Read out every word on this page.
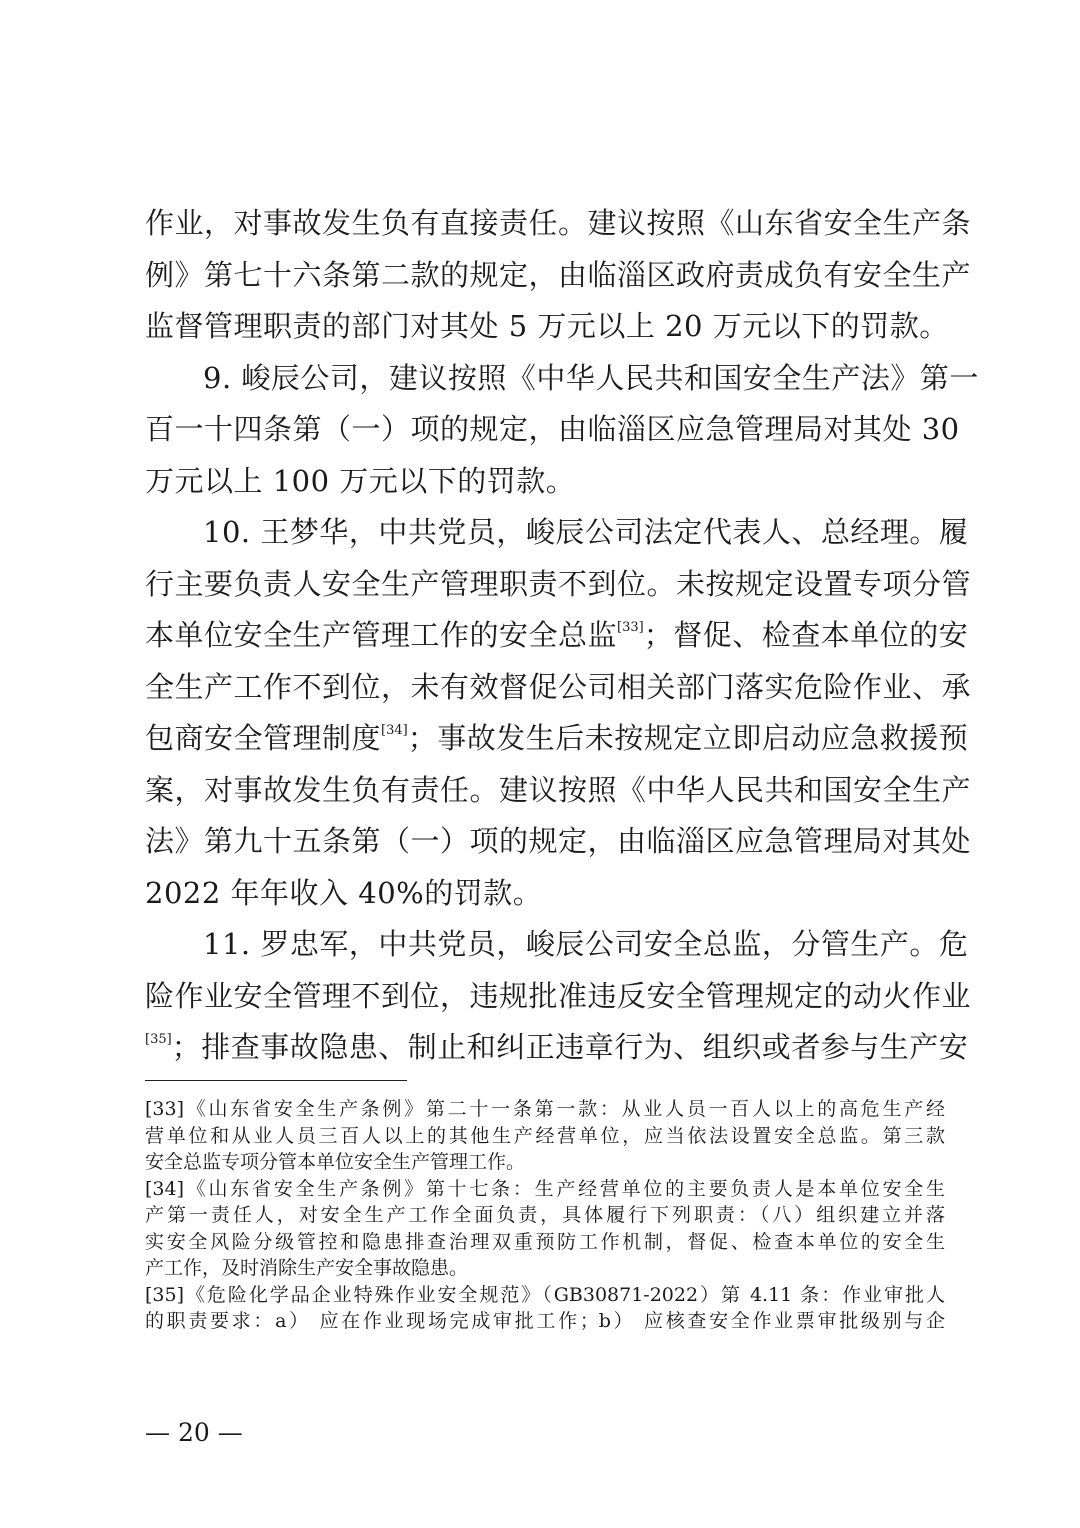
作业，对事故发生负有直接责任。建议按照《山东省安全生产条
例》第七十六条第二款的规定，由临淄区政府责成负有安全生产
监督管理职责的部门对其处 5 万元以上 20 万元以下的罚款。
9. 峻辰公司，建议按照《中华人民共和国安全生产法》第一
百一十四条第（一）项的规定，由临淄区应急管理局对其处 30
万元以上 100 万元以下的罚款。
10. 王梦华，中共党员，峻辰公司法定代表人、总经理。履
行主要负责人安全生产管理职责不到位。未按规定设置专项分管
本单位安全生产管理工作的安全总监[33]；督促、检查本单位的安
全生产工作不到位，未有效督促公司相关部门落实危险作业、承
包商安全管理制度[34]；事故发生后未按规定立即启动应急救援预
案，对事故发生负有责任。建议按照《中华人民共和国安全生产
法》第九十五条第（一）项的规定，由临淄区应急管理局对其处
2022 年年收入 40%的罚款。
11. 罗忠军，中共党员，峻辰公司安全总监，分管生产。危
险作业安全管理不到位，违规批准违反安全管理规定的动火作业
[35]；排查事故隐患、制止和纠正违章行为、组织或者参与生产安
[33]《山东省安全生产条例》第二十一条第一款：从业人员一百人以上的高危生产经
营单位和从业人员三百人以上的其他生产经营单位，应当依法设置安全总监。第三款
安全总监专项分管本单位安全生产管理工作。
[34]《山东省安全生产条例》第十七条：生产经营单位的主要负责人是本单位安全生
产第一责任人，对安全生产工作全面负责，具体履行下列职责：（八）组织建立并落
实安全风险分级管控和隐患排查治理双重预防工作机制，督促、检查本单位的安全生
产工作，及时消除生产安全事故隐患。
[35]《危险化学品企业特殊作业安全规范》（GB30871-2022）第 4.11 条：作业审批人
的职责要求：a） 应在作业现场完成审批工作；b） 应核查安全作业票审批级别与企
— 20 —
